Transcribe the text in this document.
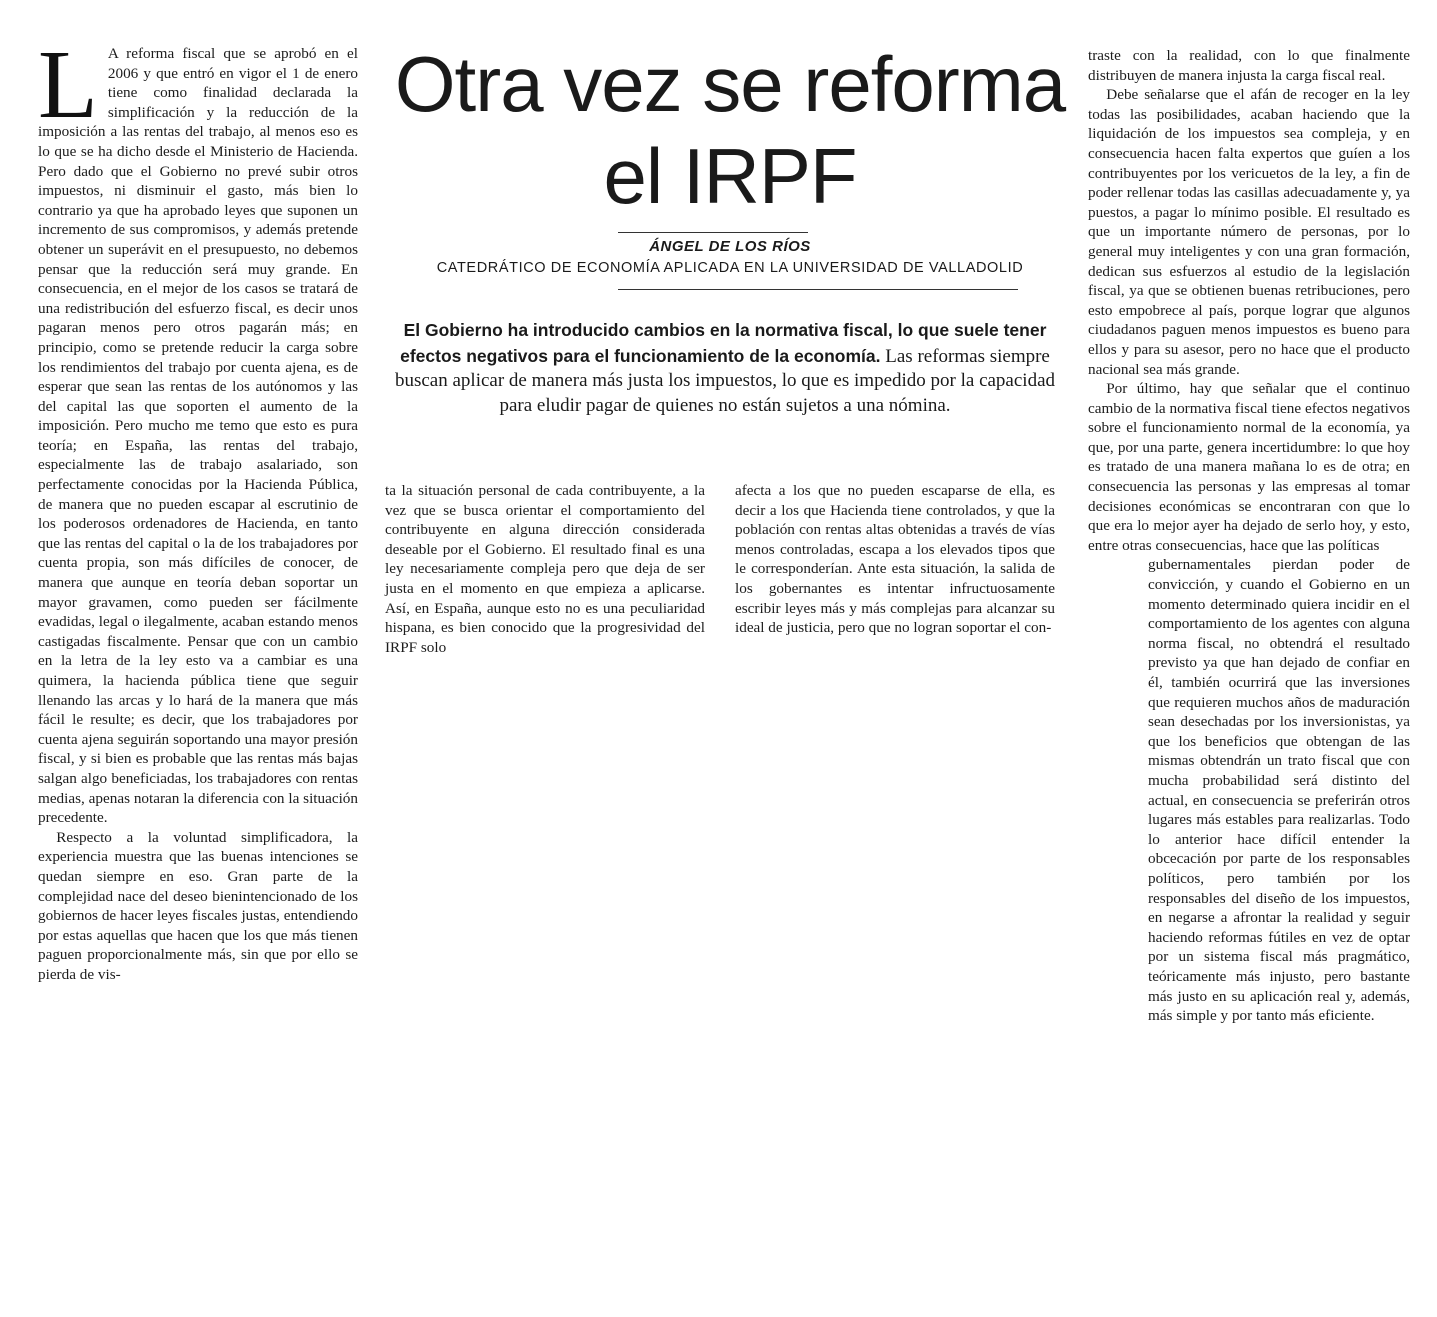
Otra vez se reforma el IRPF
ÁNGEL DE LOS RÍOS
CATEDRÁTICO DE ECONOMÍA APLICADA EN LA UNIVERSIDAD DE VALLADOLID
El Gobierno ha introducido cambios en la normativa fiscal, lo que suele tener efectos negativos para el funcionamiento de la economía. Las reformas siempre buscan aplicar de manera más justa los impuestos, lo que es impedido por la capacidad para eludir pagar de quienes no están sujetos a una nómina.

L A reforma fiscal que se aprobó en el 2006 y que entró en vigor el 1 de enero tiene como finalidad declarada la simplificación y la reducción de la imposición a las rentas del trabajo, al menos eso es lo que se ha dicho desde el Ministerio de Hacienda. Pero dado que el Gobierno no prevé subir otros impuestos, ni disminuir el gasto, más bien lo contrario ya que ha aprobado leyes que suponen un incremento de sus compromisos, y además pretende obtener un superávit en el presupuesto, no debemos pensar que la reducción será muy grande. En consecuencia, en el mejor de los casos se tratará de una redistribución del esfuerzo fiscal, es decir unos pagaran menos pero otros pagarán más; en principio, como se pretende reducir la carga sobre los rendimientos del trabajo por cuenta ajena, es de esperar que sean las rentas de los autónomos y las del capital las que soporten el aumento de la imposición. Pero mucho me temo que esto es pura teoría; en España, las rentas del trabajo, especialmente las de trabajo asalariado, son perfectamente conocidas por la Hacienda Pública, de manera que no pueden escapar al escrutinio de los poderosos ordenadores de Hacienda, en tanto que las rentas del capital o la de los trabajadores por cuenta propia, son más difíciles de conocer, de manera que aunque en teoría deban soportar un mayor gravamen, como pueden ser fácilmente evadidas, legal o ilegalmente, acaban estando menos castigadas fiscalmente. Pensar que con un cambio en la letra de la ley esto va a cambiar es una quimera, la hacienda pública tiene que seguir llenando las arcas y lo hará de la manera que más fácil le resulte; es decir, que los trabajadores por cuenta ajena seguirán soportando una mayor presión fiscal, y si bien es probable que las rentas más bajas salgan algo beneficiadas, los trabajadores con rentas medias, apenas notaran la diferencia con la situación precedente.

Respecto a la voluntad simplificadora, la experiencia muestra que las buenas intenciones se quedan siempre en eso. Gran parte de la complejidad nace del deseo bienintencionado de los gobiernos de hacer leyes fiscales justas, entendiendo por estas aquellas que hacen que los que más tienen paguen proporcionalmente más, sin que por ello se pierda de vis-

ta la situación personal de cada contribuyente, a la vez que se busca orientar el comportamiento del contribuyente en alguna dirección considerada deseable por el Gobierno. El resultado final es una ley necesariamente compleja pero que deja de ser justa en el momento en que empieza a aplicarse. Así, en España, aunque esto no es una peculiaridad hispana, es bien conocido que la progresividad del IRPF solo

afecta a los que no pueden escaparse de ella, es decir a los que Hacienda tiene controlados, y que la población con rentas altas obtenidas a través de vías menos controladas, escapa a los elevados tipos que le corresponderían. Ante esta situación, la salida de los gobernantes es intentar infructuosamente escribir leyes más y más complejas para alcanzar su ideal de justicia, pero que no logran soportar el con-

traste con la realidad, con lo que finalmente distribuyen de manera injusta la carga fiscal real.

Debe señalarse que el afán de recoger en la ley todas las posibilidades, acaban haciendo que la liquidación de los impuestos sea compleja, y en consecuencia hacen falta expertos que guíen a los contribuyentes por los vericuetos de la ley, a fin de poder rellenar todas las casillas adecuadamente y, ya puestos, a pagar lo mínimo posible. El resultado es que un importante número de personas, por lo general muy inteligentes y con una gran formación, dedican sus esfuerzos al estudio de la legislación fiscal, ya que se obtienen buenas retribuciones, pero esto empobrece al país, porque lograr que algunos ciudadanos paguen menos impuestos es bueno para ellos y para su asesor, pero no hace que el producto nacional sea más grande.

Por último, hay que señalar que el continuo cambio de la normativa fiscal tiene efectos negativos sobre el funcionamiento normal de la economía, ya que, por una parte, genera incertidumbre: lo que hoy es tratado de una manera mañana lo es de otra; en consecuencia las personas y las empresas al tomar decisiones económicas se encontraran con que lo que era lo mejor ayer ha dejado de serlo hoy, y esto, entre otras consecuencias, hace que las políticas

gubernamentales pierdan poder de convicción, y cuando el Gobierno en un momento determinado quiera incidir en el comportamiento de los agentes con alguna norma fiscal, no obtendrá el resultado previsto ya que han dejado de confiar en él, también ocurrirá que las inversiones que requieren muchos años de maduración sean desechadas por los inversionistas, ya que los beneficios que obtengan de las mismas obtendrán un trato fiscal que con mucha probabilidad será distinto del actual, en consecuencia se preferirán otros lugares más estables para realizarlas. Todo lo anterior hace difícil entender la obcecación por parte de los responsables políticos, pero también por los responsables del diseño de los impuestos, en negarse a afrontar la realidad y seguir haciendo reformas fútiles en vez de optar por un sistema fiscal más pragmático, teóricamente más injusto, pero bastante más justo en su aplicación real y, además, más simple y por tanto más eficiente.
